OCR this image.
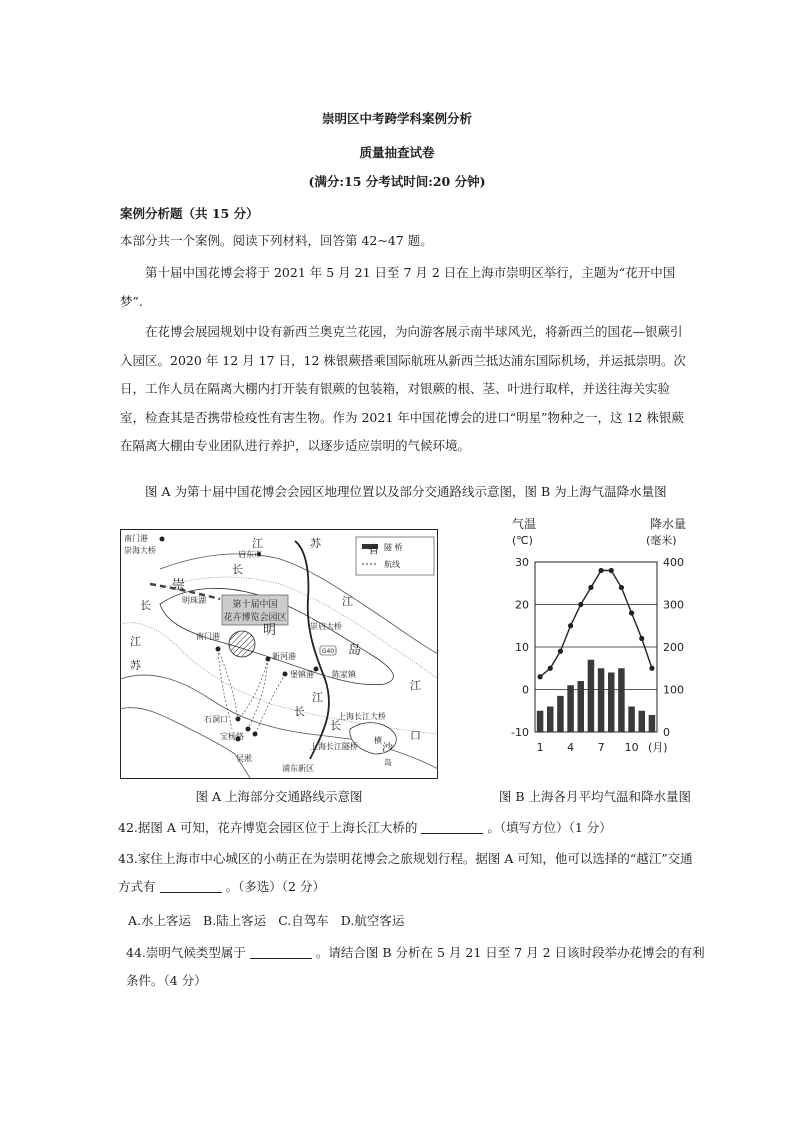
崇明区中考跨学科案例分析
质量抽查试卷
(满分:15 分考试时间:20 分钟)
案例分析题（共 15 分）
本部分共一个案例。阅读下列材料，回答第 42~47 题。
第十届中国花博会将于 2021 年 5 月 21 日至 7 月 2 日在上海市崇明区举行，主题为“花开中国梦”.
在花博会展园规划中设有新西兰奥克兰花园，为向游客展示南半球风光，将新西兰的国花—银蕨引入园区。2020 年 12 月 17 日，12 株银蕨搭乘国际航班从新西兰抵达浦东国际机场，并运抵崇明。次日，工作人员在隔离大棚内打开装有银蕨的包装箱，对银蕨的根、茎、叶进行取样，并送往海关实验室，检查其是否携带检疫性有害生物。作为 2021 年中国花博会的进口“明星”物种之一，这 12 株银蕨在隔离大棚由专业团队进行养护，以逐步适应崇明的气候环境。
图 A 为第十届中国花博会会园区地理位置以及部分交通路线示意图，图 B 为上海气温降水量图
第十届中国
花卉博览会园区
隧 桥
航线
南门港
崇海大桥	启东市
崇启大桥
明珠湖
南门港
新河港
堡镇港 陈家镇
石洞口
宝杨路
吴淞
上海长江大桥
上海长江隧桥
浦东新区
G40
江	苏	省
长
崇
明
岛
口
横
沙
岛
江
江
长
长
江
苏
长
江
图 A 上海部分交通路线示意图
气温
(℃)
降水量
(毫米)
-10
0
10
20
30
0
100
200
300
400
1 4 7 10 (月)
图 B 上海各月平均气温和降水量图
42.据图 A 可知，花卉博览会园区位于上海长江大桥的	。（填写方位）（1 分）
43.家住上海市中心城区的小萌正在为崇明花博会之旅规划行程。据图 A 可知，他可以选择的“越江”交通方式有	。（多选）（2 分）
A.水上客运 B.陆上客运 C.自驾车 D.航空客运
44.崇明气候类型属于	。请结合图 B 分析在 5 月 21 日至 7 月 2 日该时段举办花博会的有利条件。（4 分）
